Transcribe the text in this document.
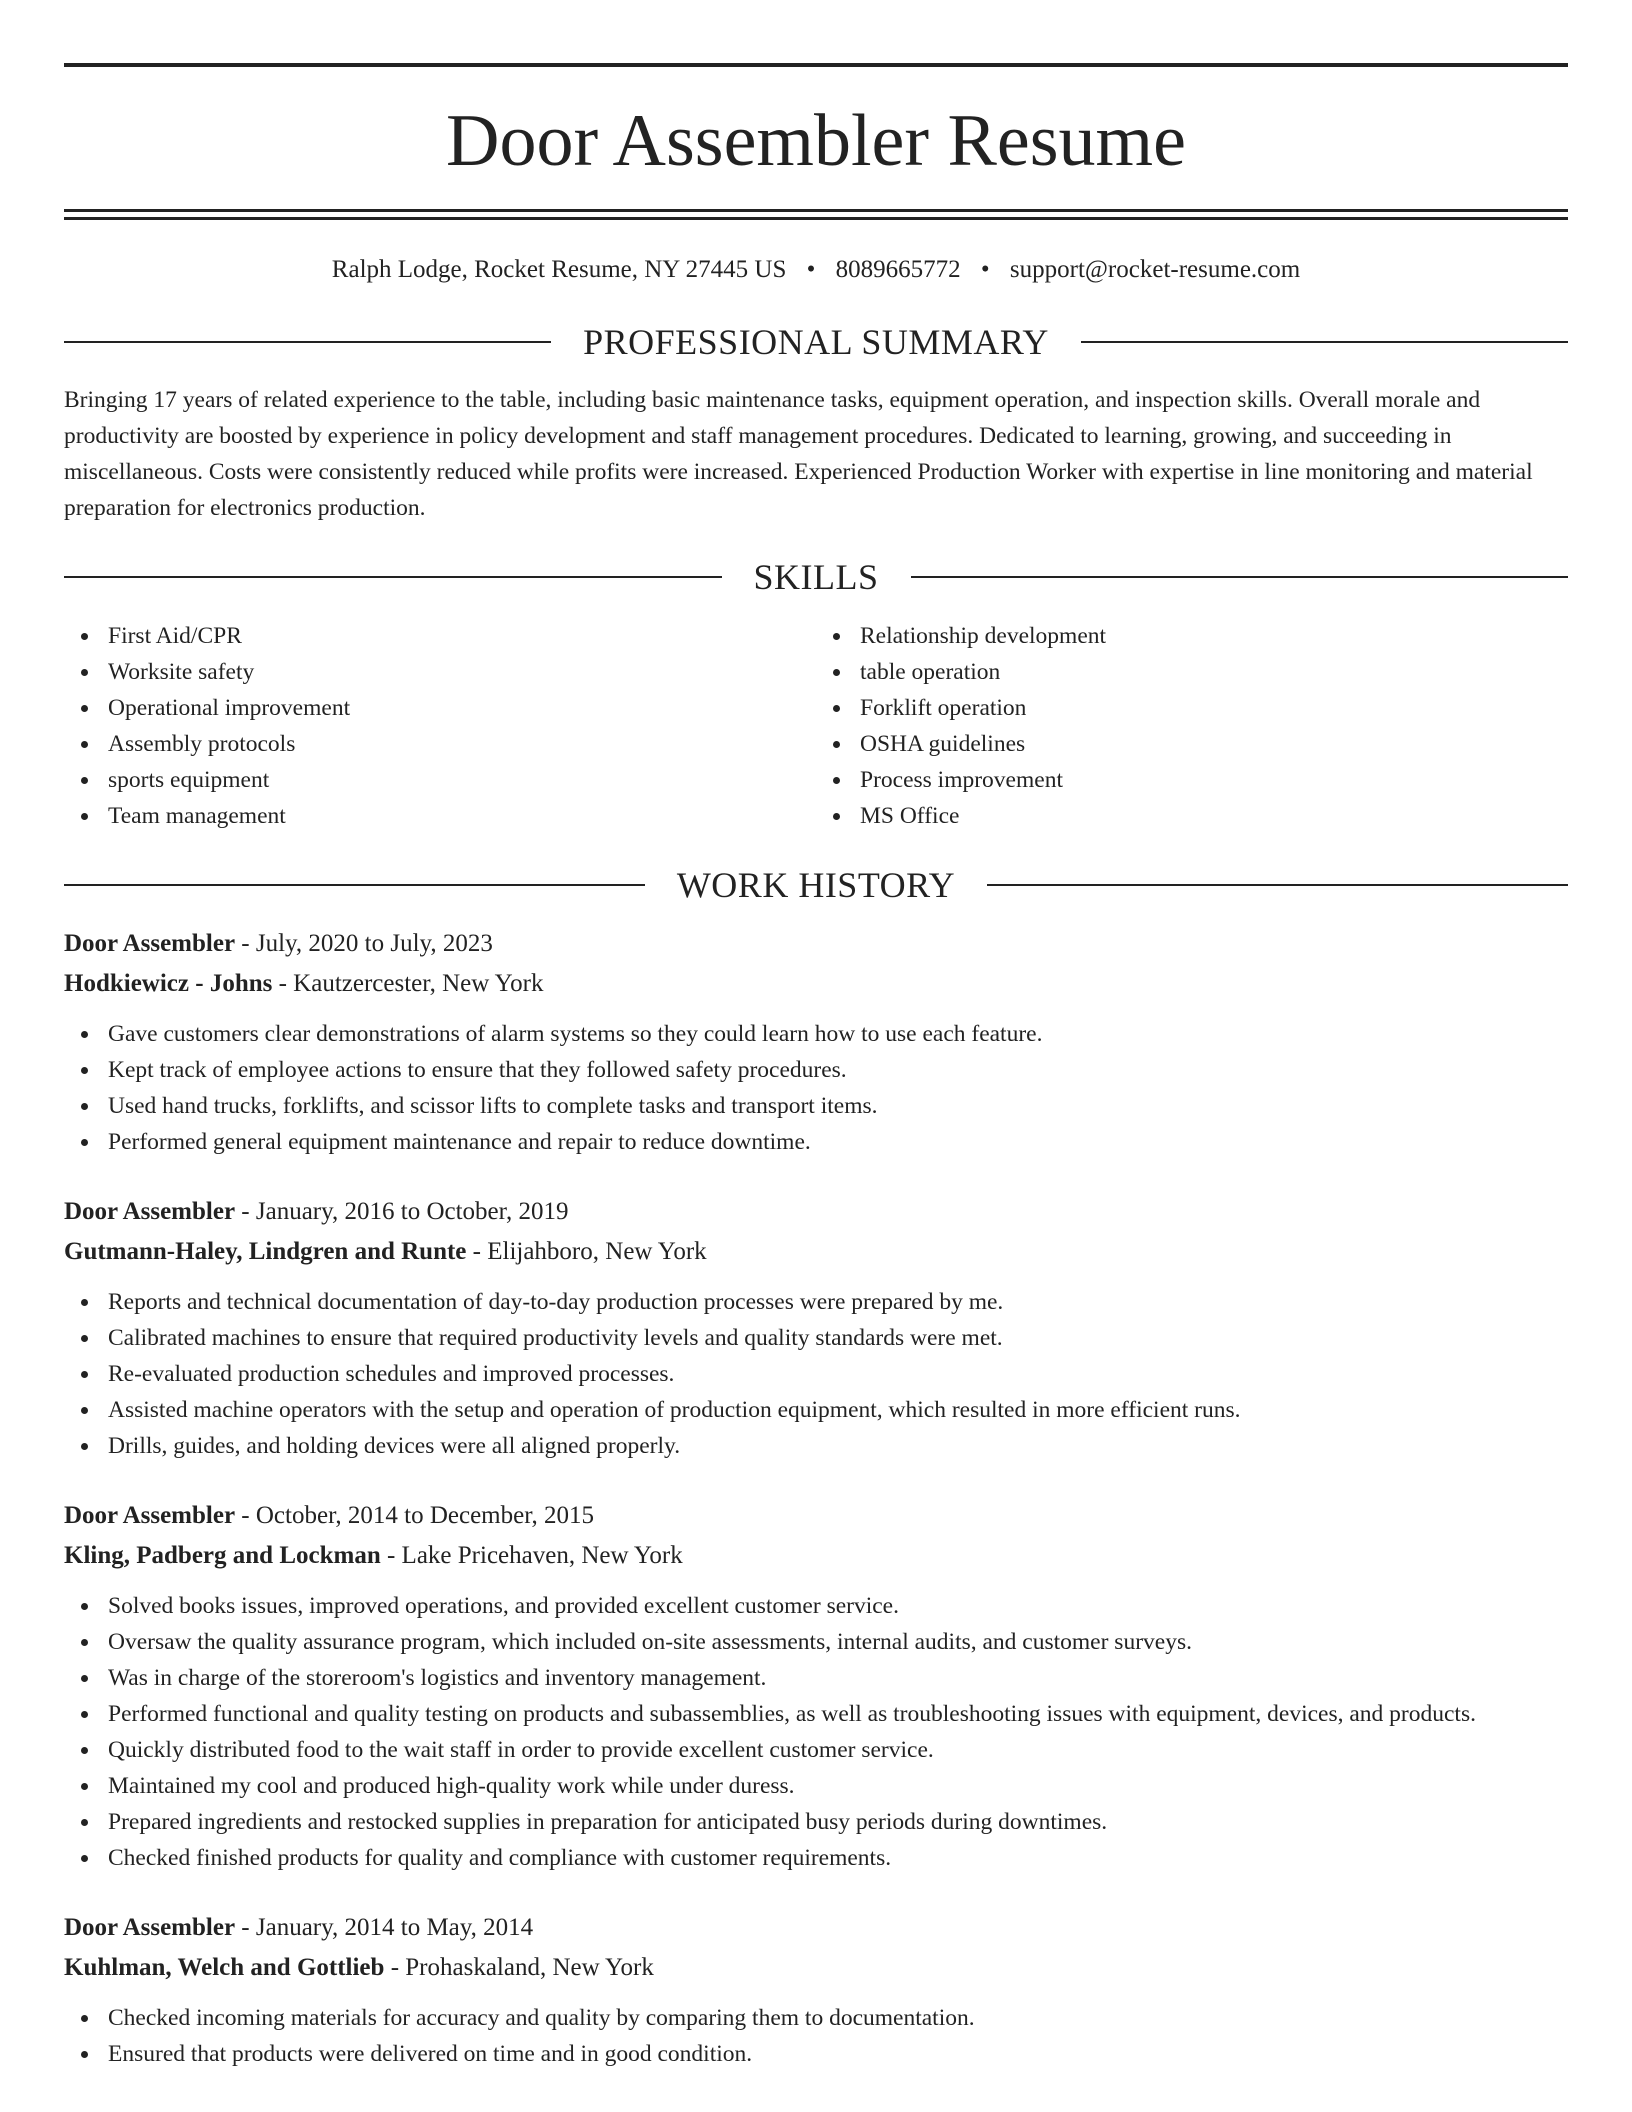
Door Assembler Resume
Ralph Lodge, Rocket Resume, NY 27445 US • 8089665772 • support@rocket-resume.com
PROFESSIONAL SUMMARY
Bringing 17 years of related experience to the table, including basic maintenance tasks, equipment operation, and inspection skills. Overall morale and productivity are boosted by experience in policy development and staff management procedures. Dedicated to learning, growing, and succeeding in miscellaneous. Costs were consistently reduced while profits were increased. Experienced Production Worker with expertise in line monitoring and material preparation for electronics production.
SKILLS
First Aid/CPR
Worksite safety
Operational improvement
Assembly protocols
sports equipment
Team management
Relationship development
table operation
Forklift operation
OSHA guidelines
Process improvement
MS Office
WORK HISTORY
Door Assembler - July, 2020 to July, 2023
Hodkiewicz - Johns - Kautzercester, New York
Gave customers clear demonstrations of alarm systems so they could learn how to use each feature.
Kept track of employee actions to ensure that they followed safety procedures.
Used hand trucks, forklifts, and scissor lifts to complete tasks and transport items.
Performed general equipment maintenance and repair to reduce downtime.
Door Assembler - January, 2016 to October, 2019
Gutmann-Haley, Lindgren and Runte - Elijahboro, New York
Reports and technical documentation of day-to-day production processes were prepared by me.
Calibrated machines to ensure that required productivity levels and quality standards were met.
Re-evaluated production schedules and improved processes.
Assisted machine operators with the setup and operation of production equipment, which resulted in more efficient runs.
Drills, guides, and holding devices were all aligned properly.
Door Assembler - October, 2014 to December, 2015
Kling, Padberg and Lockman - Lake Pricehaven, New York
Solved books issues, improved operations, and provided excellent customer service.
Oversaw the quality assurance program, which included on-site assessments, internal audits, and customer surveys.
Was in charge of the storeroom's logistics and inventory management.
Performed functional and quality testing on products and subassemblies, as well as troubleshooting issues with equipment, devices, and products.
Quickly distributed food to the wait staff in order to provide excellent customer service.
Maintained my cool and produced high-quality work while under duress.
Prepared ingredients and restocked supplies in preparation for anticipated busy periods during downtimes.
Checked finished products for quality and compliance with customer requirements.
Door Assembler - January, 2014 to May, 2014
Kuhlman, Welch and Gottlieb - Prohaskaland, New York
Checked incoming materials for accuracy and quality by comparing them to documentation.
Ensured that products were delivered on time and in good condition.
